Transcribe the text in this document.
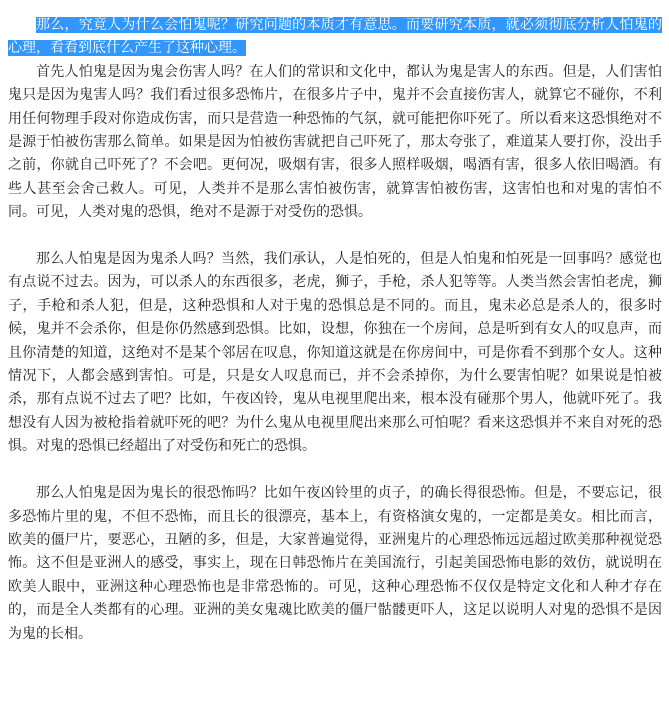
那么，究竟人为什么会怕鬼呢？研究问题的本质才有意思。而要研究本质，就必须彻底分析人怕鬼的心理，看看到底什么产生了这种心理。

首先人怕鬼是因为鬼会伤害人吗？在人们的常识和文化中，都认为鬼是害人的东西。但是，人们害怕鬼只是因为鬼害人吗？我们看过很多恐怖片，在很多片子中，鬼并不会直接伤害人，就算它不碰你，不利用任何物理手段对你造成伤害，而只是营造一种恐怖的气氛，就可能把你吓死了。所以看来这恐惧绝对不是源于怕被伤害那么简单。如果是因为怕被伤害就把自己吓死了，那太夸张了，难道某人要打你，没出手之前，你就自己吓死了？不会吧。更何况，吸烟有害，很多人照样吸烟，喝酒有害，很多人依旧喝酒。有些人甚至会舍己救人。可见，人类并不是那么害怕被伤害，就算害怕被伤害，这害怕也和对鬼的害怕不同。可见，人类对鬼的恐惧，绝对不是源于对受伤的恐惧。

那么人怕鬼是因为鬼杀人吗？当然，我们承认，人是怕死的，但是人怕鬼和怕死是一回事吗？感觉也有点说不过去。因为，可以杀人的东西很多，老虎，狮子，手枪，杀人犯等等。人类当然会害怕老虎，狮子，手枪和杀人犯，但是，这种恐惧和人对于鬼的恐惧总是不同的。而且，鬼未必总是杀人的，很多时候，鬼并不会杀你，但是你仍然感到恐惧。比如，设想，你独在一个房间，总是听到有女人的叹息声，而且你清楚的知道，这绝对不是某个邻居在叹息，你知道这就是在你房间中，可是你看不到那个女人。这种情况下，人都会感到害怕。可是，只是女人叹息而已，并不会杀掉你，为什么要害怕呢？如果说是怕被杀，那有点说不过去了吧？比如，午夜凶铃，鬼从电视里爬出来，根本没有碰那个男人，他就吓死了。我想没有人因为被枪指着就吓死的吧？为什么鬼从电视里爬出来那么可怕呢？看来这恐惧并不来自对死的恐惧。对鬼的恐惧已经超出了对受伤和死亡的恐惧。

那么人怕鬼是因为鬼长的很恐怖吗？比如午夜凶铃里的贞子，的确长得很恐怖。但是，不要忘记，很多恐怖片里的鬼，不但不恐怖，而且长的很漂亮，基本上，有资格演女鬼的，一定都是美女。相比而言，欧美的僵尸片，要恶心，丑陋的多，但是，大家普遍觉得，亚洲鬼片的心理恐怖远远超过欧美那种视觉恐怖。这不但是亚洲人的感受，事实上，现在日韩恐怖片在美国流行，引起美国恐怖电影的效仿，就说明在欧美人眼中，亚洲这种心理恐怖也是非常恐怖的。可见，这种心理恐怖不仅仅是特定文化和人种才存在的，而是全人类都有的心理。亚洲的美女鬼魂比欧美的僵尸骷髅更吓人，这足以说明人对鬼的恐惧不是因为鬼的长相。
